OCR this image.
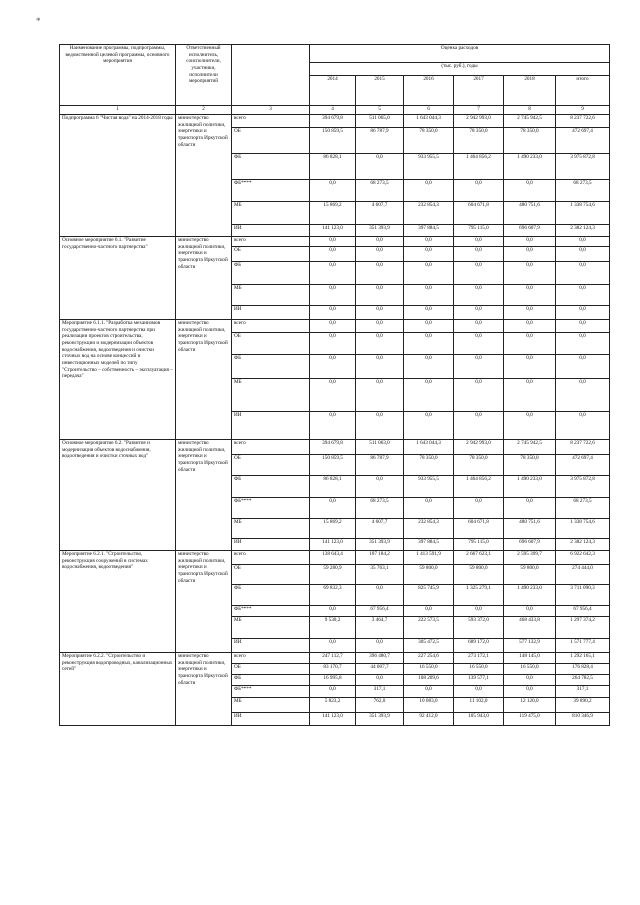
*
Наименование программы, подпрограммы, ведомственной целевой программы, основного мероприятия	Ответственный исполнитель, соисполнители, участники, исполнители мероприятий		Оценка расходов					
			(тыс. руб.), годы					
			2014	2015	2016	2017	2018	итого
1	2	3	4	5	6	7	8	9
Подпрограмма 6 "Чистая вода" на 2014-2018 годы	министерство жилищной политики, энергетики и транспорта Иркутской области	всего	394 679,8	511 065,0	1 643 044,3	2 942 993,0	2 745 942,5	8 237 722,6
		ОБ	150 859,5	86 787,9	78 350,0	78 350,0	78 350,0	472 697,4
		ФБ	86 828,1	0,0	933 955,5	1 464 856,2	1 490 233,0	3 975 872,8
		ФБ****	0,0	68 273,5	0,0	0,0	0,0	68 273,5
		МБ	15 869,2	4 607,7	232 854,3	604 671,8	480 751,6	1 338 754,6
		ИИ	141 123,0	351 393,9	397 884,5	795 115,0	696 607,9	2 382 124,3
Основное мероприятие 6.1. "Развитие государственно-частного партнерства"	министерство жилищной политики, энергетики и транспорта Иркутской области	всего	0,0	0,0	0,0	0,0	0,0	0,0
		ОБ	0,0	0,0	0,0	0,0	0,0	0,0
		ФБ	0,0	0,0	0,0	0,0	0,0	0,0
		МБ	0,0	0,0	0,0	0,0	0,0	0,0
		ИИ	0,0	0,0	0,0	0,0	0,0	0,0
Мероприятие 6.1.1. "Разработка механизмов государственно-частного партнерства при реализации проектов строительства, реконструкции и модернизации объектов водоснабжения, водоотведения и очистки сточных вод на основе концессий и инвестиционных моделей по типу "Строительство – собственность – эксплуатация – передача"	министерство жилищной политики, энергетики и транспорта Иркутской области	всего	0,0	0,0	0,0	0,0	0,0	0,0
		ОБ	0,0	0,0	0,0	0,0	0,0	0,0
		ФБ	0,0	0,0	0,0	0,0	0,0	0,0
		МБ	0,0	0,0	0,0	0,0	0,0	0,0
		ИИ	0,0	0,0	0,0	0,0	0,0	0,0
Основное мероприятие 6.2. "Развитие и модернизация объектов водоснабжения, водоотведения и очистки сточных вод"	министерство жилищной политики, энергетики и транспорта Иркутской области	всего	394 679,8	511 063,0	1 643 044,3	2 942 993,0	2 745 942,5	8 237 722,6
		ОБ	150 859,5	86 787,9	78 350,0	78 350,0	78 350,0	472 697,4
		ФБ	86 828,1	0,0	933 955,5	1 464 856,2	1 490 233,0	3 975 872,8
		ФБ****	0,0	68 273,5	0,0	0,0	0,0	68 273,5
		МБ	15 869,2	4 607,7	232 854,3	604 671,8	480 751,6	1 338 754,6
		ИИ	141 123,0	351 393,9	397 884,5	795 115,0	696 607,9	2 382 124,3
Мероприятие 6.2.1. "Строительство, реконструкция сооружений в системах водоснабжения, водоотведения"	министерство жилищной политики, энергетики и транспорта Иркутской области	всего	138 643,4	107 184,2	1 413 591,9	2 667 623,1	2 595 399,7	6 922 642,3
		ОБ	59 280,9	35 763,1	59 800,0	59 800,0	59 800,0	274 444,0
		ФБ	69 832,3	0,0	825 745,9	1 325 279,1	1 490 233,0	3 711 090,3
		ФБ****	0,0	67 956,4	0,0	0,0	0,0	67 956,4
		МБ	9 530,2	3 464,7	222 573,5	593 372,0	468 433,8	1 297 374,2
		ИИ	0,0	0,0	305 472,5	689 172,0	577 132,9	1 571 777,4
Мероприятие 6.2.2. "Строительство и реконструкция водопроводных, канализационных сетей"	министерство жилищной политики, энергетики и транспорта Иркутской области	всего	247 112,7	396 480,7	227 254,6	273 172,1	148 145,0	1 292 165,1
		ОБ	83 170,7	44 007,7	16 550,0	16 550,0	16 550,0	176 828,4
		ФБ	16 995,8	0,0	108 209,6	139 577,1	0,0	264 782,5
		ФБ****	0,0	317,1	0,0	0,0	0,0	317,1
		МБ	5 823,2	762,0	10 083,0	11 102,0	12 120,0	39 890,2
		ИИ	141 123,0	351 393,9	92 412,0	105 943,0	119 475,0	810 346,9
